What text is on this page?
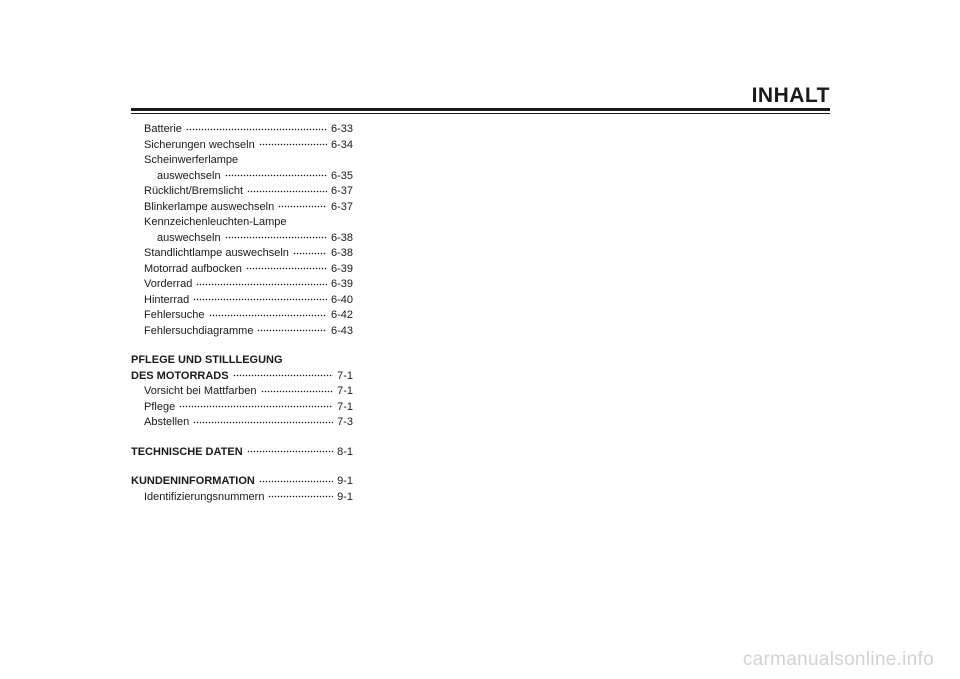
INHALT
Batterie	6-33
Sicherungen wechseln	6-34
Scheinwerferlampe
auswechseln	6-35
Rücklicht/Bremslicht	6-37
Blinkerlampe auswechseln	6-37
Kennzeichenleuchten-Lampe
auswechseln	6-38
Standlichtlampe auswechseln	6-38
Motorrad aufbocken	6-39
Vorderrad	6-39
Hinterrad	6-40
Fehlersuche	6-42
Fehlersuchdiagramme	6-43
PFLEGE UND STILLLEGUNG
DES MOTORRADS	7-1
Vorsicht bei Mattfarben	7-1
Pflege	7-1
Abstellen	7-3
TECHNISCHE DATEN	8-1
KUNDENINFORMATION	9-1
Identifizierungsnummern	9-1
carmanualsonline.info
